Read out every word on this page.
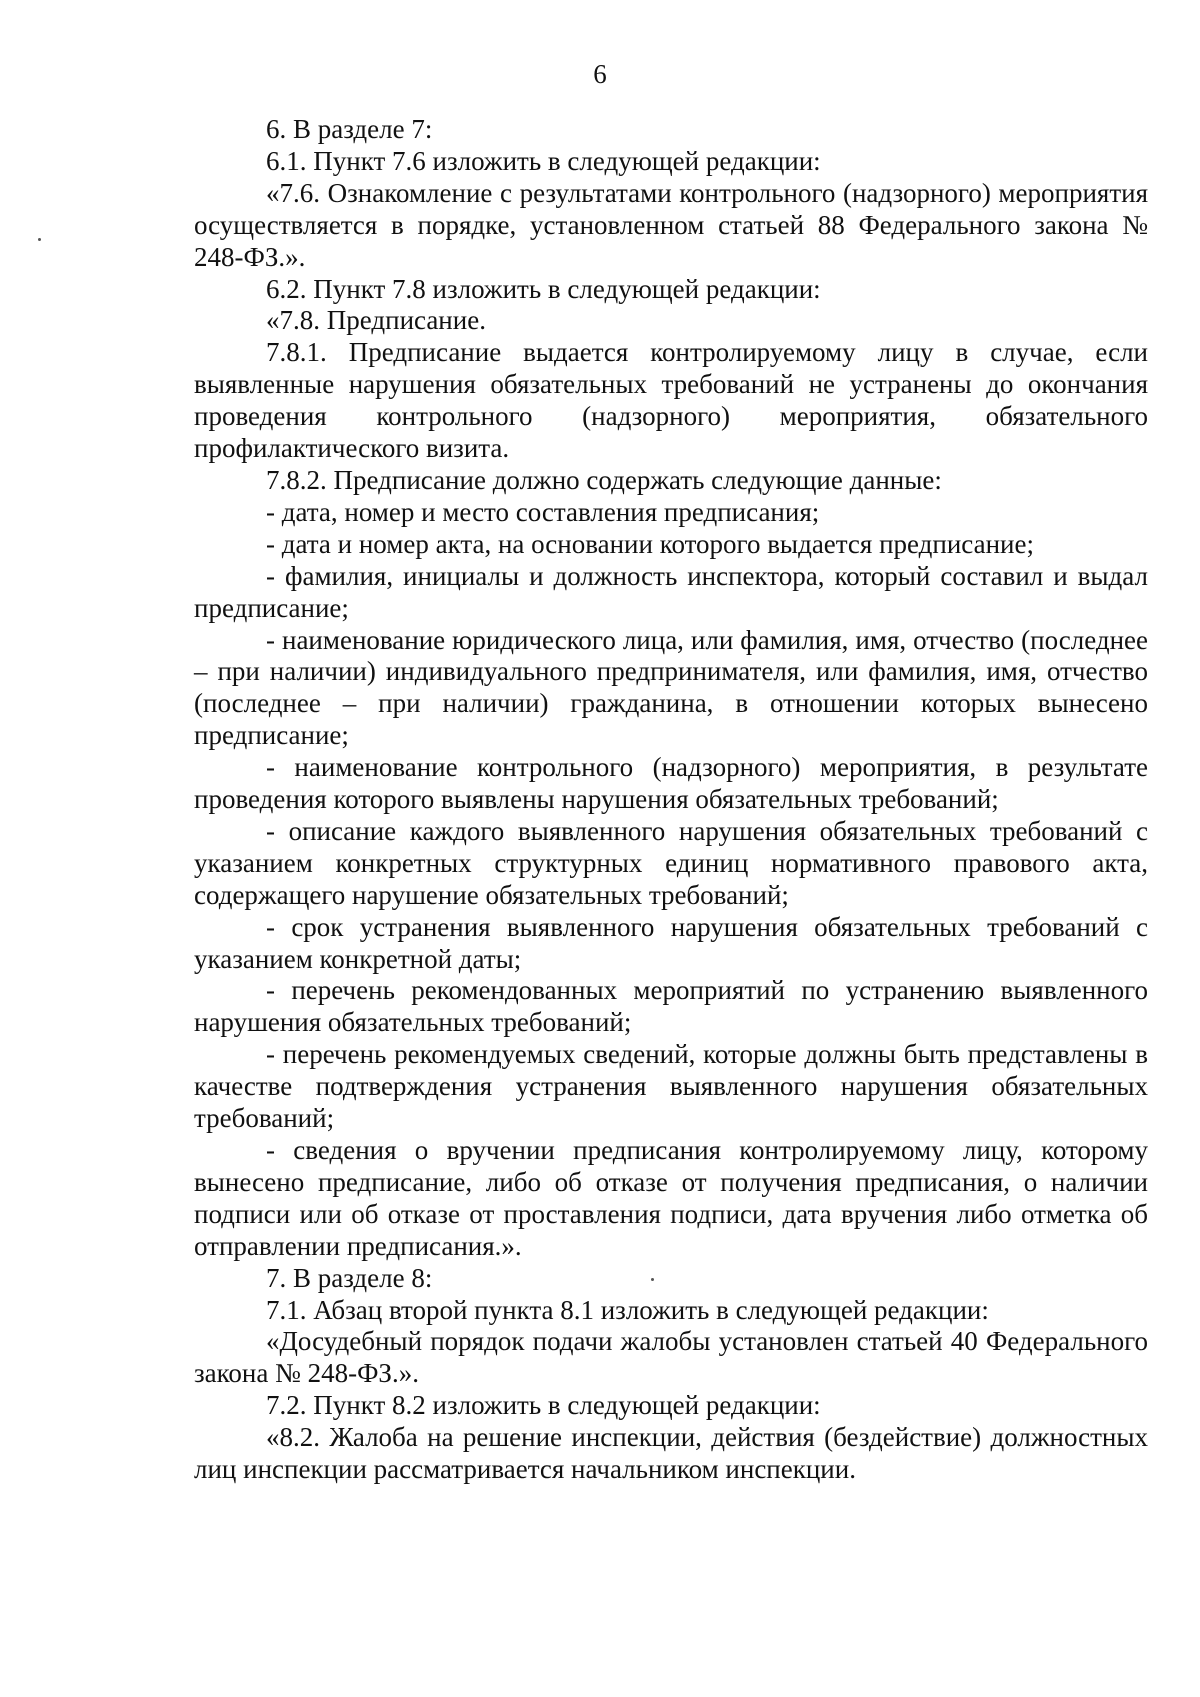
6

6. В разделе 7:

6.1. Пункт 7.6 изложить в следующей редакции:

«7.6. Ознакомление с результатами контрольного (надзорного) мероприятия осуществляется в порядке, установленном статьей 88 Федерального закона № 248-ФЗ.».

6.2. Пункт 7.8 изложить в следующей редакции:

«7.8. Предписание.

7.8.1. Предписание выдается контролируемому лицу в случае, если выявленные нарушения обязательных требований не устранены до окончания проведения контрольного (надзорного) мероприятия, обязательного профилактического визита.

7.8.2. Предписание должно содержать следующие данные:

- дата, номер и место составления предписания;

- дата и номер акта, на основании которого выдается предписание;

- фамилия, инициалы и должность инспектора, который составил и выдал предписание;

- наименование юридического лица, или фамилия, имя, отчество (последнее – при наличии) индивидуального предпринимателя, или фамилия, имя, отчество (последнее – при наличии) гражданина, в отношении которых вынесено предписание;

- наименование контрольного (надзорного) мероприятия, в результате проведения которого выявлены нарушения обязательных требований;

- описание каждого выявленного нарушения обязательных требований с указанием конкретных структурных единиц нормативного правового акта, содержащего нарушение обязательных требований;

- срок устранения выявленного нарушения обязательных требований с указанием конкретной даты;

- перечень рекомендованных мероприятий по устранению выявленного нарушения обязательных требований;

- перечень рекомендуемых сведений, которые должны быть представлены в качестве подтверждения устранения выявленного нарушения обязательных требований;

- сведения о вручении предписания контролируемому лицу, которому вынесено предписание, либо об отказе от получения предписания, о наличии подписи или об отказе от проставления подписи, дата вручения либо отметка об отправлении предписания.».

7. В разделе 8:

7.1. Абзац второй пункта 8.1 изложить в следующей редакции:

«Досудебный порядок подачи жалобы установлен статьей 40 Федерального закона № 248-ФЗ.».

7.2. Пункт 8.2 изложить в следующей редакции:

«8.2. Жалоба на решение инспекции, действия (бездействие) должностных лиц инспекции рассматривается начальником инспекции.
